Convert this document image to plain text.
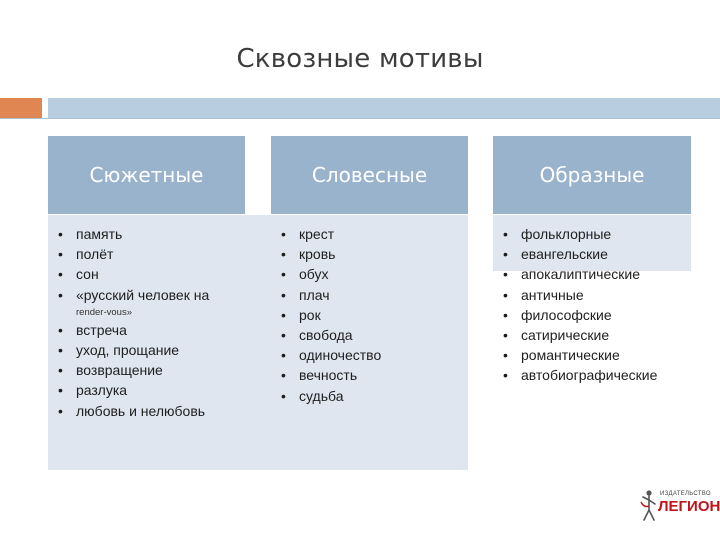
Сквозные мотивы
Сюжетные
• память
• полёт
• сон
• «русский человек на
render-vous»
• встреча
• уход, прощание
• возвращение
• разлука
• любовь и нелюбовь
Словесные
• крест
• кровь
• обух
• плач
• рок
• свобода
• одиночество
• вечность
• судьба
Образные
• фольклорные
• евангельские
• апокалиптические
• античные
• философские
• сатирические
• романтические
• автобиографические
ИЗДАТЕЛЬСТВО
ЛЕГИОН
